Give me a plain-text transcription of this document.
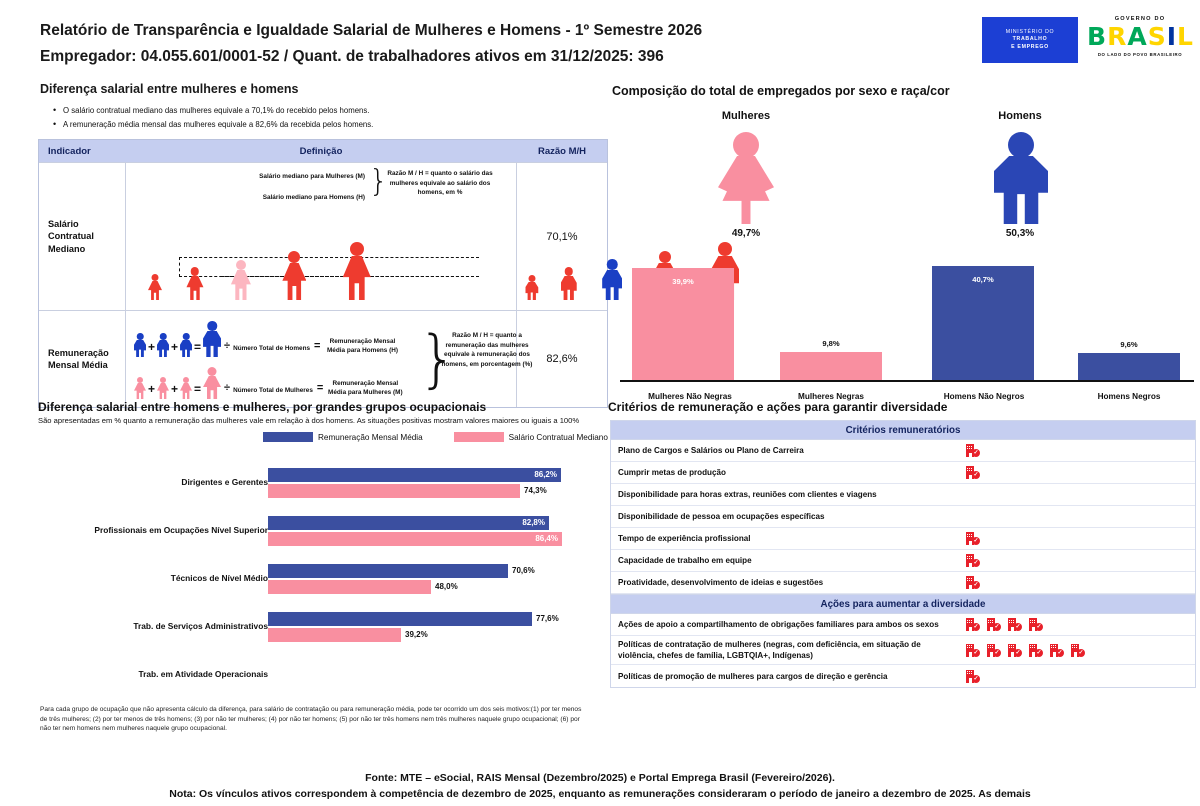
Relatório de Transparência e Igualdade Salarial de Mulheres e Homens - 1º Semestre 2026
Empregador: 04.055.601/0001-52 / Quant. de trabalhadores ativos em 31/12/2025: 396
MINISTÉRIO DO
TRABALHO
E EMPREGO
GOVERNO DO
B R A S I L
DO LADO DO POVO BRASILEIRO
Diferença salarial entre mulheres e homens
• O salário contratual mediano das mulheres equivale a 70,1% do recebido pelos homens.
• A remuneração média mensal das mulheres equivale a 82,6% da recebida pelos homens.
Indicador	Definição	Razão M/H
Salário Contratual Mediano
Salário mediano para Mulheres (M)
Salário mediano para Homens (H) } Razão M / H = quanto o salário das mulheres equivale ao salário dos homens, em %

70,1%
Remuneração Mensal Média
+ + = ÷ Número Total de Homens =	Remuneração Mensal Média para Homens (H)
+ + = ÷ Número Total de Mulheres =	Remuneração Mensal Média para Mulheres (M) }
Razão M / H = quanto a remuneração das mulheres equivale à remuneração dos homens, em porcentagem (%)	82,6%
Diferença salarial entre homens e mulheres, por grandes grupos ocupacionais
São apresentadas em % quanto a remuneração das mulheres vale em relação à dos homens. As situações positivas mostram valores maiores ou iguais a 100%
Remuneração Mensal Média	Salário Contratual Mediano
Dirigentes e Gerentes
86,2%
74,3%
Profissionais em Ocupações Nível Superior
82,8%
86,4%
Técnicos de Nível Médio
70,6%
48,0%
Trab. de Serviços Administrativos
77,6%
39,2%
Trab. em Atividade Operacionais
Para cada grupo de ocupação que não apresenta cálculo da diferença, para salário de contratação ou para remuneração média, pode ter ocorrido um dos seis motivos:(1) por ter menos de três mulheres; (2) por ter menos de três homens; (3) por não ter mulheres; (4) por não ter homens; (5) por não ter três homens nem três mulheres naquele grupo ocupacional; (6) por não ter nem homens nem mulheres naquele grupo ocupacional.
Composição do total de empregados por sexo e raça/cor
Mulheres
49,7%
Homens
50,3%
39,9%
Mulheres Não Negras
9,8%
Mulheres Negras
40,7%
Homens Não Negros
9,6%
Homens Negros
Critérios de remuneração e ações para garantir diversidade
Critérios remuneratórios
Plano de Cargos e Salários ou Plano de Carreira	✓
Cumprir metas de produção	✓
Disponibilidade para horas extras, reuniões com clientes e viagens
Disponibilidade de pessoa em ocupações específicas
Tempo de experiência profissional	✓
Capacidade de trabalho em equipe	✓
Proatividade, desenvolvimento de ideias e sugestões	✓
Ações para aumentar a diversidade
Ações de apoio a compartilhamento de obrigações familiares para ambos os sexos	✓	✓	✓	✓
Políticas de contratação de mulheres (negras, com deficiência, em situação de violência, chefes de família, LGBTQIA+, Indígenas)	✓	✓	✓	✓	✓	✓
Políticas de promoção de mulheres para cargos de direção e gerência	✓
Fonte: MTE – eSocial, RAIS Mensal (Dezembro/2025) e Portal Emprega Brasil (Fevereiro/2026).
Nota: Os vínculos ativos correspondem à competência de dezembro de 2025, enquanto as remunerações consideraram o período de janeiro a dezembro de 2025. As demais
